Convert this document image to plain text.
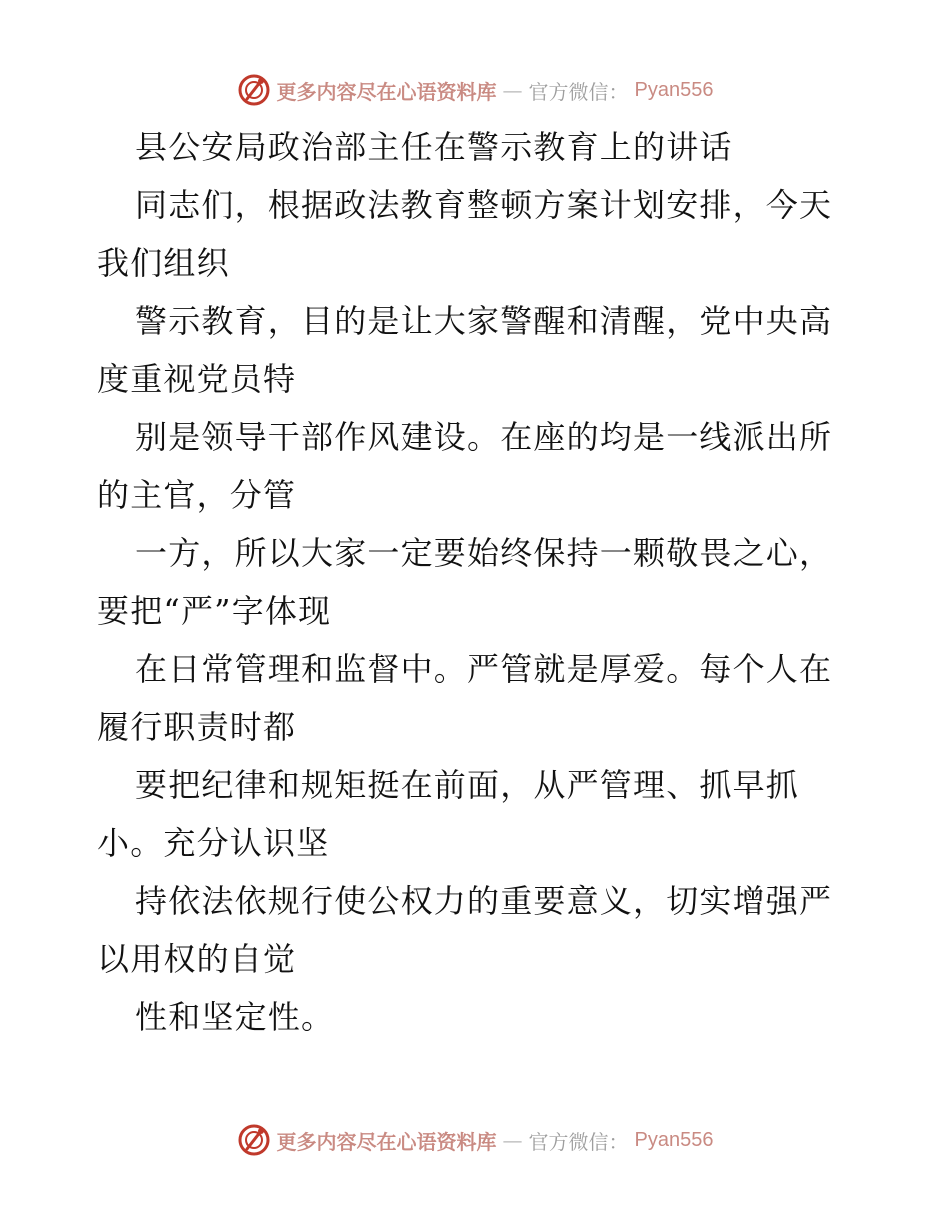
更多内容尽在心语资料库 — 官方微信： Pyan556
县公安局政治部主任在警示教育上的讲话
同志们，根据政法教育整顿方案计划安排，今天
我们组织
警示教育，目的是让大家警醒和清醒，党中央高
度重视党员特
别是领导干部作风建设。在座的均是一线派出所
的主官，分管
一方，所以大家一定要始终保持一颗敬畏之心，
要把“严”字体现
在日常管理和监督中。严管就是厚爱。每个人在
履行职责时都
要把纪律和规矩挺在前面，从严管理、抓早抓
小。充分认识坚
持依法依规行使公权力的重要意义，切实增强严
以用权的自觉
性和坚定性。
更多内容尽在心语资料库 — 官方微信： Pyan556
